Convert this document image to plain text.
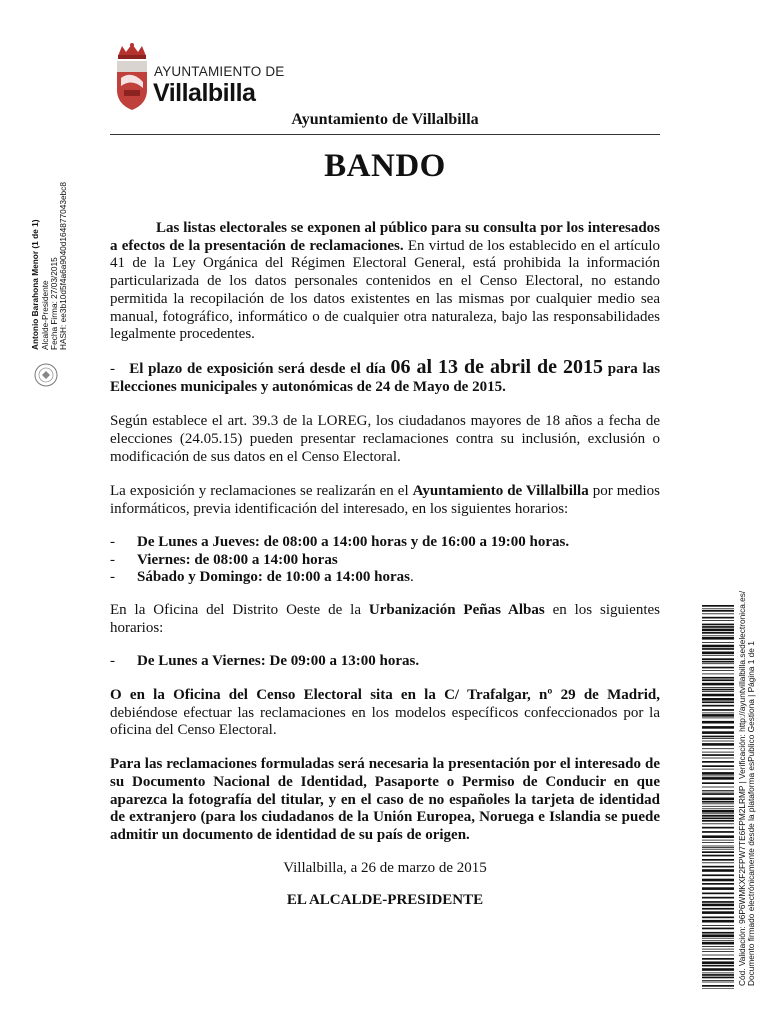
AYUNTAMIENTO DE
Villalbilla
Ayuntamiento de Villalbilla
BANDO
Antonio Barahona Menor (1 de 1) Alcalde-Presidente Fecha Firma: 27/03/2015 HASH: ee3b10d5f4a6a9040d164877043ebc8	Las listas electorales se exponen al público para su consulta por los interesados a efectos de la presentación de reclamaciones. En virtud de los establecido en el artículo 41 de la Ley Orgánica del Régimen Electoral General, está prohibida la información particularizada de los datos personales contenidos en el Censo Electoral, no estando permitida la recopilación de los datos existentes en las mismas por cualquier medio sea manual, fotográfico, informático o de cualquier otra naturaleza, bajo las responsabilidades legalmente procedentes.

- El plazo de exposición será desde el día 06 al 13 de abril de 2015 para las Elecciones municipales y autonómicas de 24 de Mayo de 2015.

Según establece el art. 39.3 de la LOREG, los ciudadanos mayores de 18 años a fecha de elecciones (24.05.15) pueden presentar reclamaciones contra su inclusión, exclusión o modificación de sus datos en el Censo Electoral.

La exposición y reclamaciones se realizarán en el Ayuntamiento de Villalbilla por medios informáticos, previa identificación del interesado, en los siguientes horarios:

-	De Lunes a Jueves: de 08:00 a 14:00 horas y de 16:00 a 19:00 horas.
-	Viernes: de 08:00 a 14:00 horas
-	Sábado y Domingo: de 10:00 a 14:00 horas .

En la Oficina del Distrito Oeste de la Urbanización Peñas Albas en los siguientes horarios:

-	De Lunes a Viernes: De 09:00 a 13:00 horas.

O en la Oficina del Censo Electoral sita en la C/ Trafalgar, nº 29 de Madrid, debiéndose efectuar las reclamaciones en los modelos específicos confeccionados por la oficina del Censo Electoral.

Para las reclamaciones formuladas será necesaria la presentación por el interesado de su Documento Nacional de Identidad, Pasaporte o Permiso de Conducir en que aparezca la fotografía del titular, y en el caso de no españoles la tarjeta de identidad de extranjero (para los ciudadanos de la Unión Europea, Noruega e Islandia se puede admitir un documento de identidad de su país de origen.

Villalbilla, a 26 de marzo de 2015

EL ALCALDE-PRESIDENTE	Cód. Validación: 96P6WMKXF2FPW7TE6FPM2LRMP | Verificación: http://ayuntvillalbilla.sedelectronica.es/ Documento firmado electrónicamente desde la plataforma esPublico Gestiona | Página 1 de 1
